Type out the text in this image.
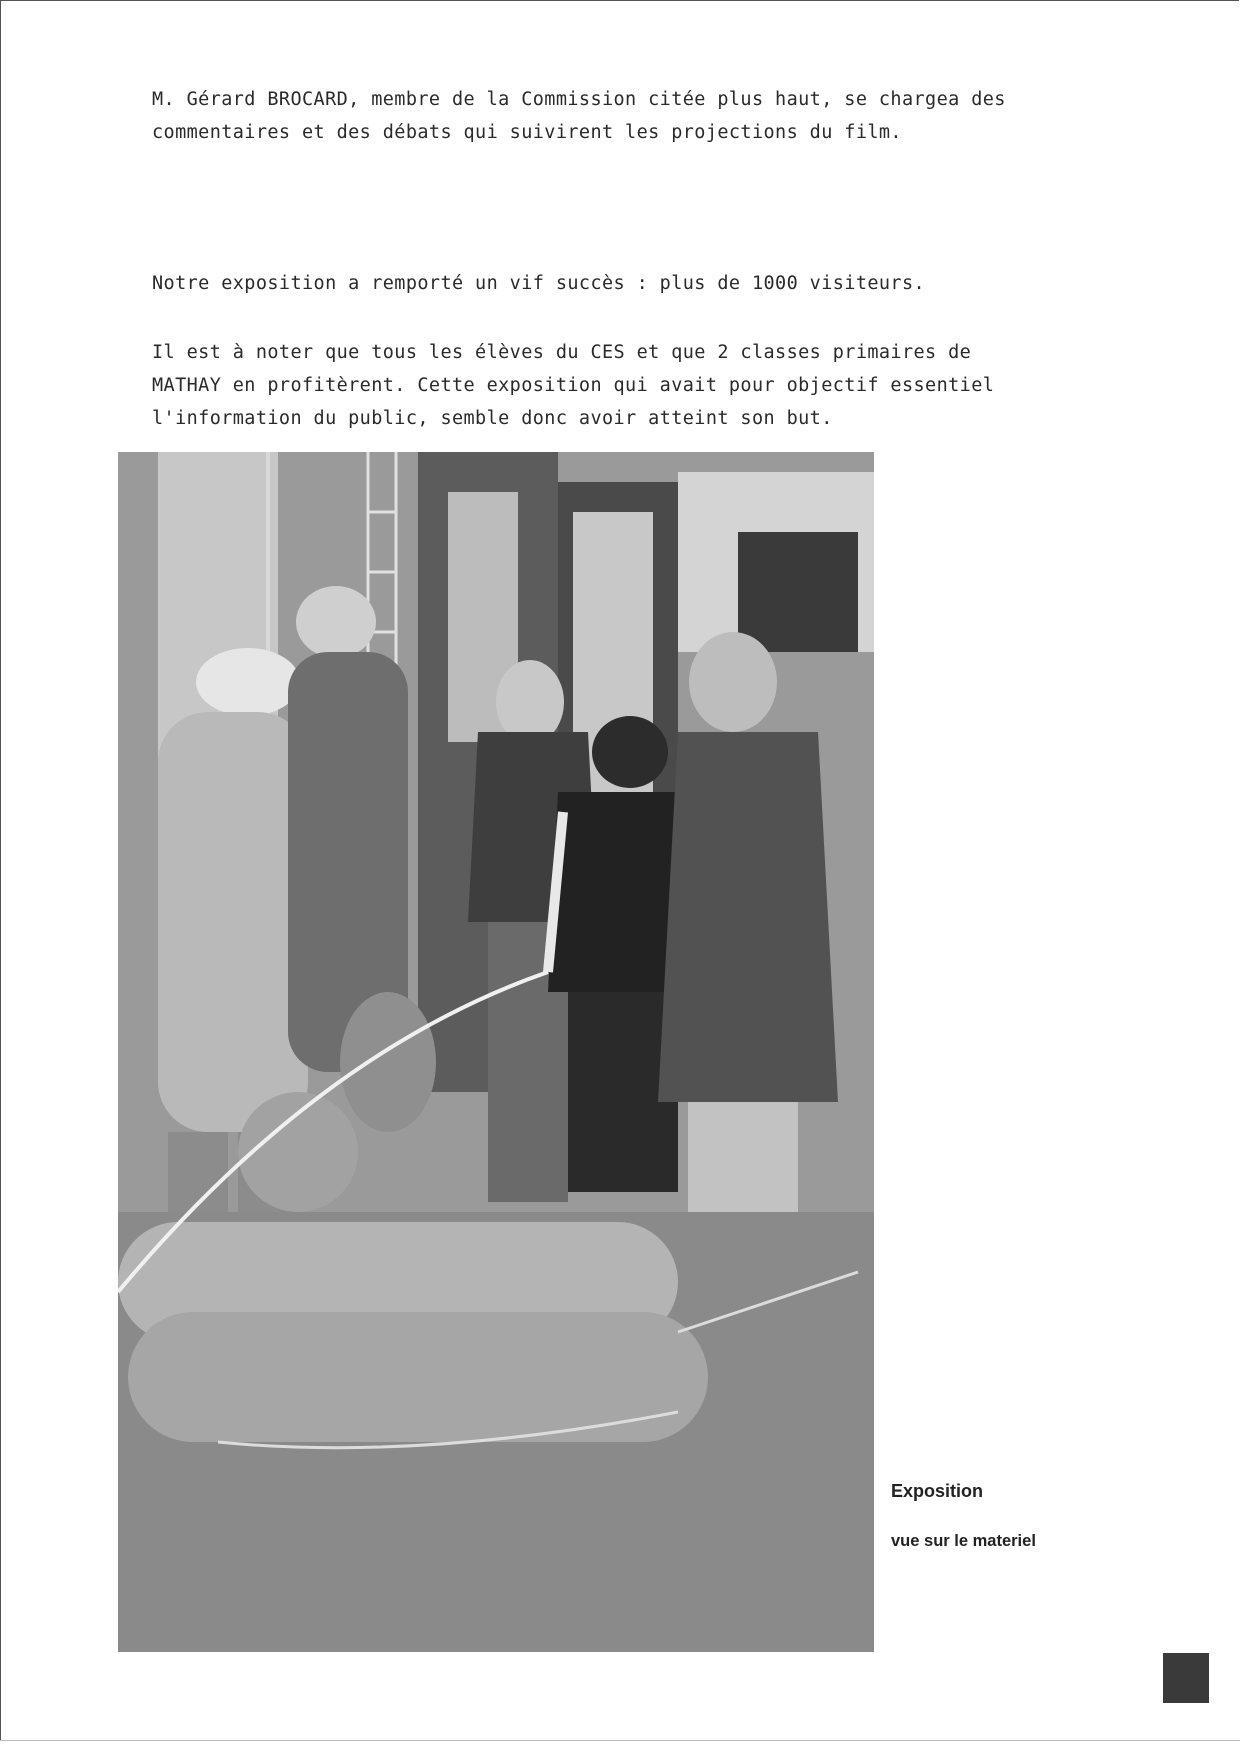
M. Gérard BROCARD, membre de la Commission citée plus haut, se chargea des
commentaires et des débats qui suivirent les projections du film.

Notre exposition a remporté un vif succès : plus de 1000 visiteurs.

Il est à noter que tous les élèves du CES et que 2 classes primaires de
MATHAY en profitèrent. Cette exposition qui avait pour objectif essentiel
l'information du public, semble donc avoir atteint son but.

Exposition
vue sur le materiel
